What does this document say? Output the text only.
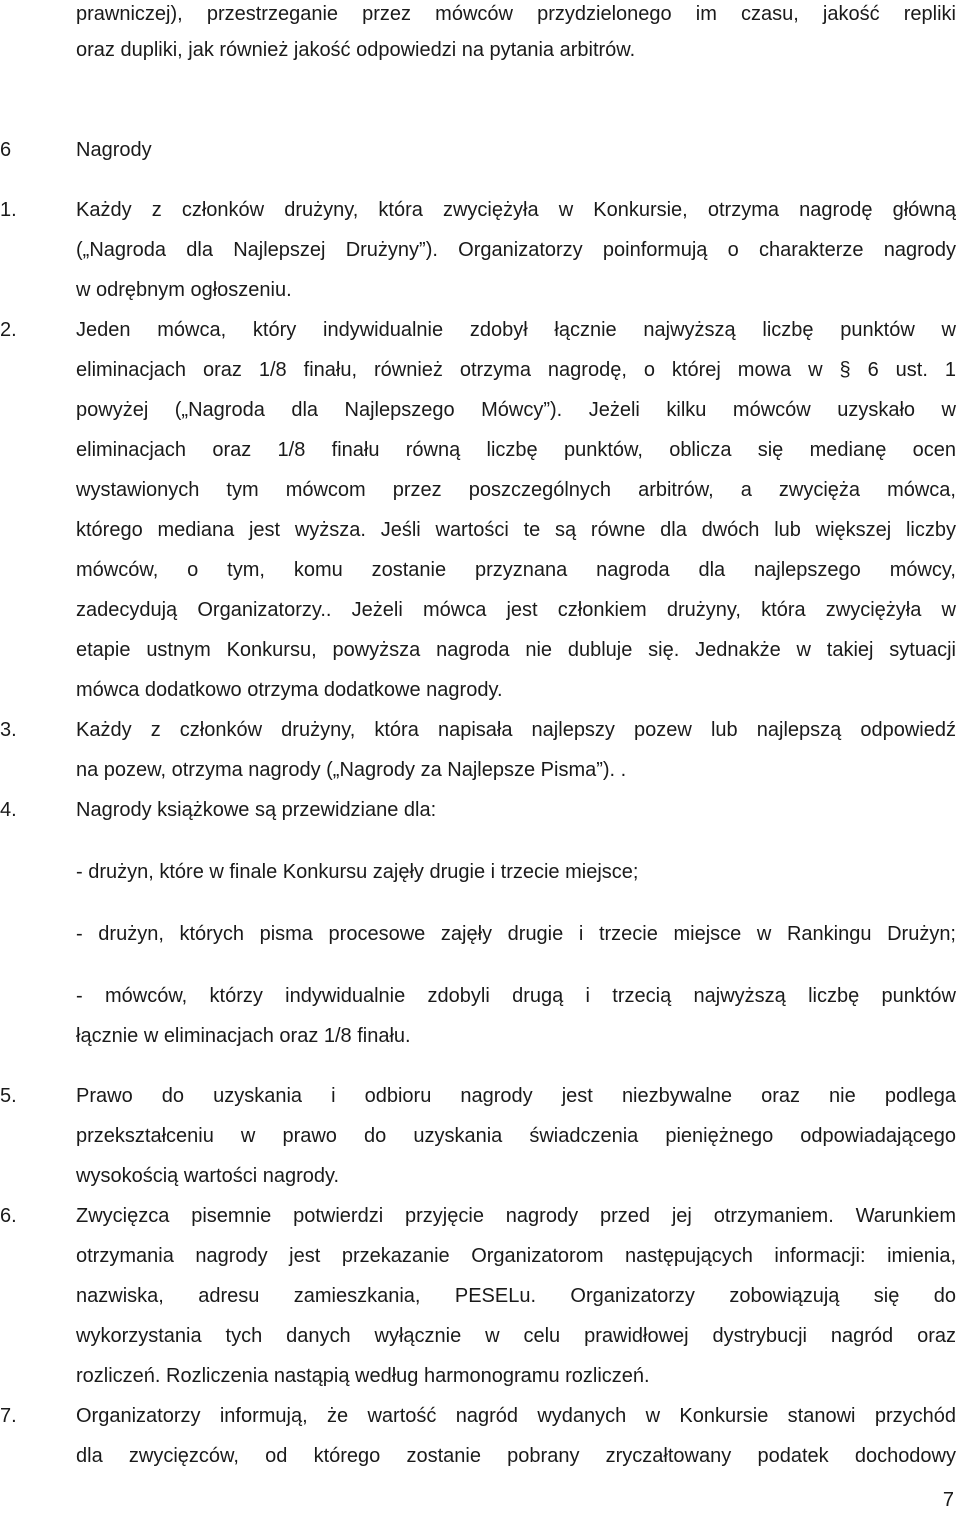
prawniczej), przestrzeganie przez mówców przydzielonego im czasu, jakość repliki
oraz dupliki, jak również jakość odpowiedzi na pytania arbitrów.
6	Nagrody
1.	Każdy z członków drużyny, która zwyciężyła w Konkursie, otrzyma nagrodę główną
(„Nagroda dla Najlepszej Drużyny”). Organizatorzy poinformują o charakterze nagrody
w odrębnym ogłoszeniu.
2.	Jeden mówca, który indywidualnie zdobył łącznie najwyższą liczbę punktów w
eliminacjach oraz 1/8 finału, również otrzyma nagrodę, o której mowa w § 6 ust. 1
powyżej („Nagroda dla Najlepszego Mówcy”). Jeżeli kilku mówców uzyskało w
eliminacjach oraz 1/8 finału równą liczbę punktów, oblicza się medianę ocen
wystawionych tym mówcom przez poszczególnych arbitrów, a zwycięża mówca,
którego mediana jest wyższa. Jeśli wartości te są równe dla dwóch lub większej liczby
mówców, o tym, komu zostanie przyznana nagroda dla najlepszego mówcy,
zadecydują Organizatorzy.. Jeżeli mówca jest członkiem drużyny, która zwyciężyła w
etapie ustnym Konkursu, powyższa nagroda nie dubluje się. Jednakże w takiej sytuacji
mówca dodatkowo otrzyma dodatkowe nagrody.
3.	Każdy z członków drużyny, która napisała najlepszy pozew lub najlepszą odpowiedź
na pozew, otrzyma nagrody („Nagrody za Najlepsze Pisma”). .
4.	Nagrody książkowe są przewidziane dla:
- drużyn, które w finale Konkursu zajęły drugie i trzecie miejsce;
- drużyn, których pisma procesowe zajęły drugie i trzecie miejsce w Rankingu Drużyn;
- mówców, którzy indywidualnie zdobyli drugą i trzecią najwyższą liczbę punktów
łącznie w eliminacjach oraz 1/8 finału.
5.	Prawo do uzyskania i odbioru nagrody jest niezbywalne oraz nie podlega
przekształceniu w prawo do uzyskania świadczenia pieniężnego odpowiadającego
wysokością wartości nagrody.
6.	Zwycięzca pisemnie potwierdzi przyjęcie nagrody przed jej otrzymaniem. Warunkiem
otrzymania nagrody jest przekazanie Organizatorom następujących informacji: imienia,
nazwiska, adresu zamieszkania, PESELu. Organizatorzy zobowiązują się do
wykorzystania tych danych wyłącznie w celu prawidłowej dystrybucji nagród oraz
rozliczeń. Rozliczenia nastąpią według harmonogramu rozliczeń.
7.	Organizatorzy informują, że wartość nagród wydanych w Konkursie stanowi przychód
dla zwycięzców, od którego zostanie pobrany zryczałtowany podatek dochodowy
7
